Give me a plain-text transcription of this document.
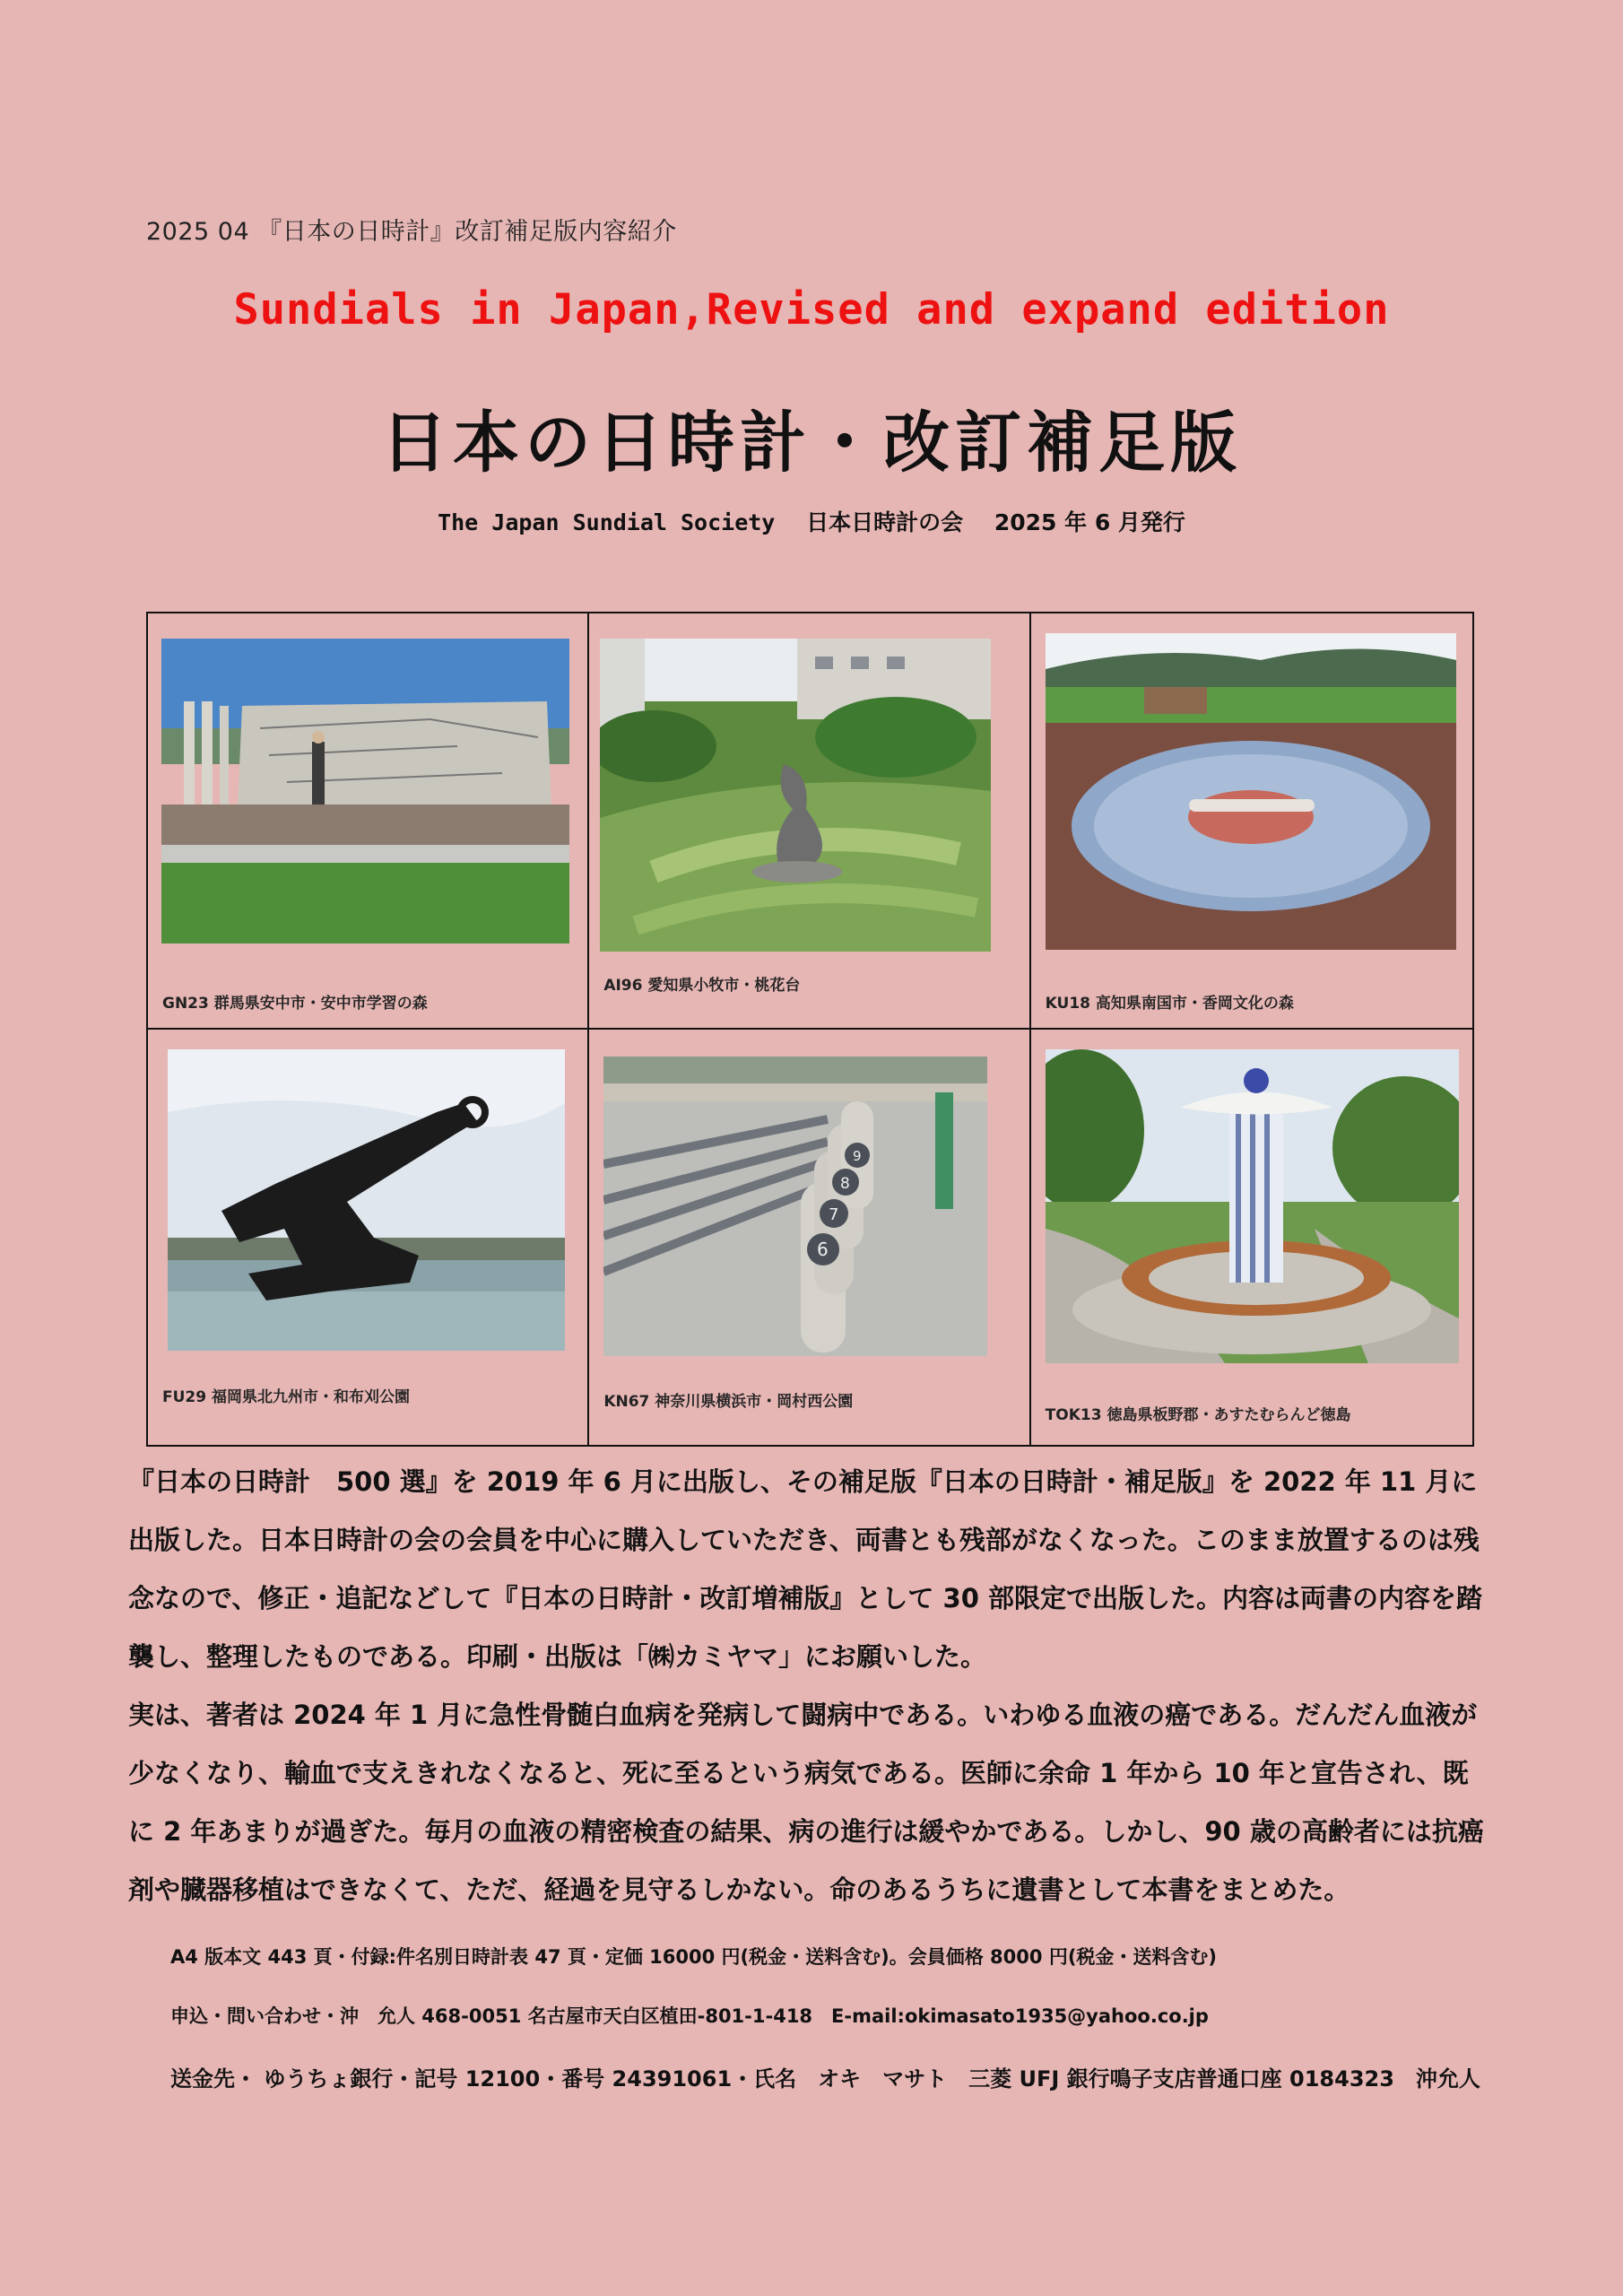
2025 04 『日本の日時計』改訂補足版内容紹介
Sundials in Japan,Revised and expand edition
日本の日時計・改訂補足版
The Japan Sundial Society 日本日時計の会 2025 年 6 月発行
GN23 群馬県安中市・安中市学習の森
AI96 愛知県小牧市・桃花台
KU18 高知県南国市・香岡文化の森
FU29 福岡県北九州市・和布刈公園
6
7
8
9
KN67 神奈川県横浜市・岡村西公園
TOK13 徳島県板野郡・あすたむらんど徳島

『日本の日時計　500 選』を 2019 年 6 月に出版し、その補足版『日本の日時計・補足版』を 2022 年 11 月に出版した。日本日時計の会の会員を中心に購入していただき、両書とも残部がなくなった。このまま放置するのは残念なので、修正・追記などして『日本の日時計・改訂増補版』として 30 部限定で出版した。内容は両書の内容を踏襲し、整理したものである。印刷・出版は「㈱カミヤマ」にお願いした。

実は、著者は 2024 年 1 月に急性骨髄白血病を発病して闘病中である。いわゆる血液の癌である。だんだん血液が少なくなり、輸血で支えきれなくなると、死に至るという病気である。医師に余命 1 年から 10 年と宣告され、既に 2 年あまりが過ぎた。毎月の血液の精密検査の結果、病の進行は緩やかである。しかし、90 歳の高齢者には抗癌剤や臓器移植はできなくて、ただ、経過を見守るしかない。命のあるうちに遺書として本書をまとめた。

A4 版本文 443 頁・付録:件名別日時計表 47 頁・定価 16000 円(税金・送料含む)。会員価格 8000 円(税金・送料含む)
申込・問い合わせ・沖　允人 468-0051 名古屋市天白区植田-801-1-418　E-mail:okimasato1935@yahoo.co.jp
送金先・ ゆうちょ銀行・記号 12100・番号 24391061・氏名　オキ　マサト　三菱 UFJ 銀行鳴子支店普通口座 0184323　沖允人
